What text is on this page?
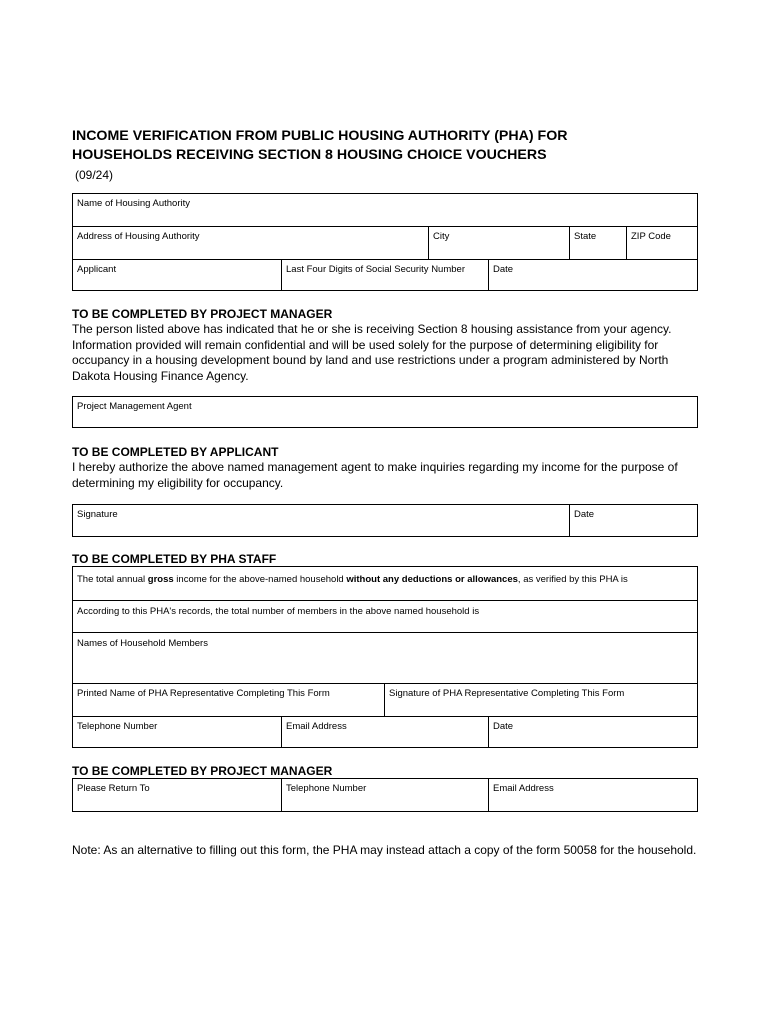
INCOME VERIFICATION FROM PUBLIC HOUSING AUTHORITY (PHA) FOR
HOUSEHOLDS RECEIVING SECTION 8 HOUSING CHOICE VOUCHERS
(09/24)
Name of Housing Authority
Address of Housing Authority	City	State	ZIP Code
Applicant	Last Four Digits of Social Security Number	Date
TO BE COMPLETED BY PROJECT MANAGER
The person listed above has indicated that he or she is receiving Section 8 housing assistance from your agency.
Information provided will remain confidential and will be used solely for the purpose of determining eligibility for
occupancy in a housing development bound by land and use restrictions under a program administered by North
Dakota Housing Finance Agency.
Project Management Agent
TO BE COMPLETED BY APPLICANT
I hereby authorize the above named management agent to make inquiries regarding my income for the purpose of
determining my eligibility for occupancy.
Signature	Date
TO BE COMPLETED BY PHA STAFF
The total annual gross income for the above-named household without any deductions or allowances, as verified by this PHA is
According to this PHA's records, the total number of members in the above named household is
Names of Household Members
Printed Name of PHA Representative Completing This Form	Signature of PHA Representative Completing This Form
Telephone Number	Email Address	Date
TO BE COMPLETED BY PROJECT MANAGER
Please Return To	Telephone Number	Email Address
Note: As an alternative to filling out this form, the PHA may instead attach a copy of the form 50058 for the household.
